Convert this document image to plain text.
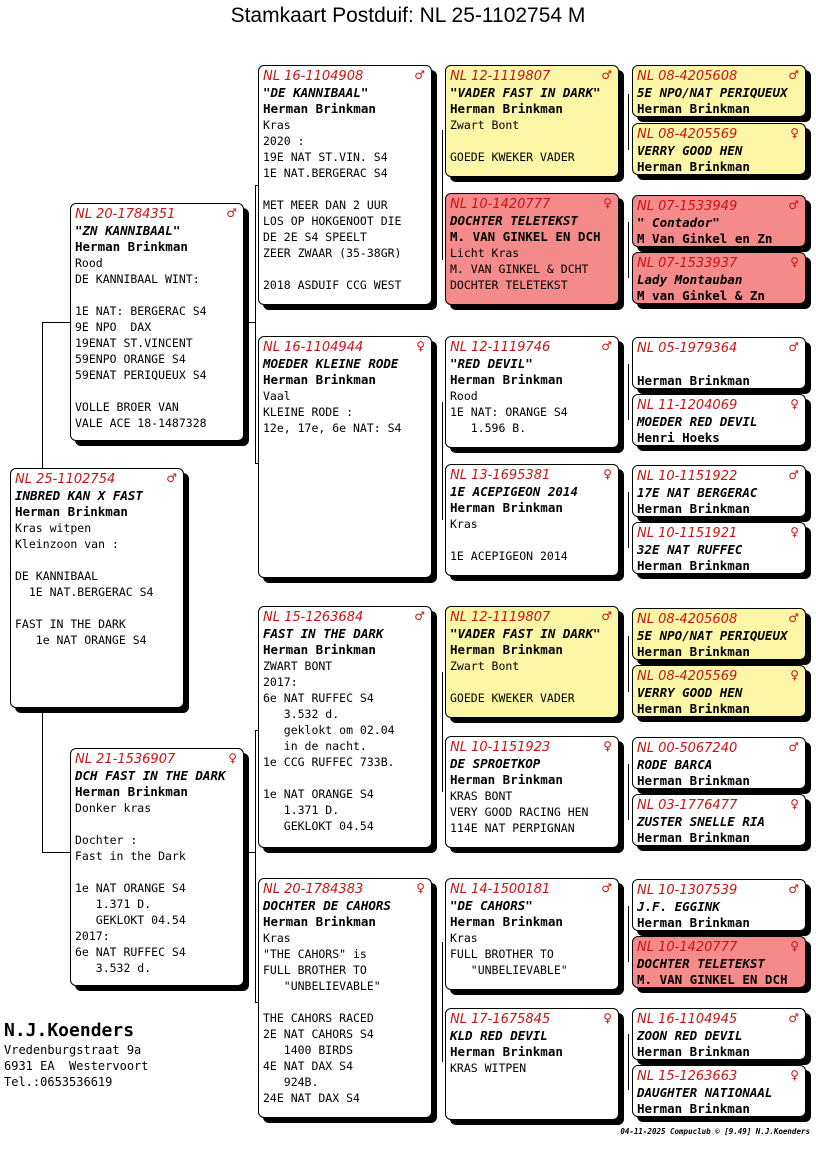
Stamkaart Postduif: NL 25-1102754 M
NL 25-1102754	♂
INBRED KAN X FAST
Herman Brinkman
Kras witpen
Kleinzoon van :

DE KANNIBAAL
1E NAT.BERGERAC S4

FAST IN THE DARK
1e NAT ORANGE S4
NL 20-1784351	♂
"ZN KANNIBAAL"
Herman Brinkman
Rood
DE KANNIBAAL WINT:

1E NAT: BERGERAC S4
9E NPO  DAX
19ENAT ST.VINCENT
59ENPO ORANGE S4
59ENAT PERIQUEUX S4

VOLLE BROER VAN
VALE ACE 18-1487328
NL 21-1536907	♀
DCH FAST IN THE DARK
Herman Brinkman
Donker kras

Dochter :
Fast in the Dark

1e NAT ORANGE S4
1.371 D.
GEKLOKT 04.54
2017:
6e NAT RUFFEC S4
3.532 d.
NL 16-1104908	♂
"DE KANNIBAAL"
Herman Brinkman
Kras
2020 :
19E NAT ST.VIN. S4
1E NAT.BERGERAC S4

MET MEER DAN 2 UUR
LOS OP HOKGENOOT DIE
DE 2E S4 SPEELT
ZEER ZWAAR (35-38GR)

2018 ASDUIF CCG WEST
NL 16-1104944	♀
MOEDER KLEINE RODE
Herman Brinkman
Vaal
KLEINE RODE :
12e, 17e, 6e NAT: S4
NL 15-1263684	♂
FAST IN THE DARK
Herman Brinkman
ZWART BONT
2017:
6e NAT RUFFEC S4
3.532 d.
geklokt om 02.04
in de nacht.
1e CCG RUFFEC 733B.

1e NAT ORANGE S4
1.371 D.
GEKLOKT 04.54
NL 20-1784383	♀
DOCHTER DE CAHORS
Herman Brinkman
Kras
"THE CAHORS" is
FULL BROTHER TO
"UNBELIEVABLE"

THE CAHORS RACED
2E NAT CAHORS S4
1400 BIRDS
4E NAT DAX S4
924B.
24E NAT DAX S4
NL 12-1119807	♂
"VADER FAST IN DARK"
Herman Brinkman
Zwart Bont

GOEDE KWEKER VADER
NL 10-1420777	♀
DOCHTER TELETEKST
M. VAN GINKEL EN DCH
Licht Kras
M. VAN GINKEL & DCHT
DOCHTER TELETEKST
NL 12-1119746	♂
"RED DEVIL"
Herman Brinkman
Rood
1E NAT: ORANGE S4
1.596 B.
NL 13-1695381	♀
1E ACEPIGEON 2014
Herman Brinkman
Kras

1E ACEPIGEON 2014
NL 12-1119807	♂
"VADER FAST IN DARK"
Herman Brinkman
Zwart Bont

GOEDE KWEKER VADER
NL 10-1151923	♀
DE SPROETKOP
Herman Brinkman
KRAS BONT
VERY GOOD RACING HEN
114E NAT PERPIGNAN
NL 14-1500181	♂
"DE CAHORS"
Herman Brinkman
Kras
FULL BROTHER TO
"UNBELIEVABLE"
NL 17-1675845	♀
KLD RED DEVIL
Herman Brinkman
KRAS WITPEN
NL 08-4205608	♂
5E NPO/NAT PERIQUEUX
Herman Brinkman
NL 08-4205569	♀
VERRY GOOD HEN
Herman Brinkman
NL 07-1533949	♂
" Contador"
M Van Ginkel en Zn
NL 07-1533937	♀
Lady Montauban
M van Ginkel & Zn
NL 05-1979364	♂
Herman Brinkman
NL 11-1204069	♀
MOEDER RED DEVIL
Henri Hoeks
NL 10-1151922	♂
17E NAT BERGERAC
Herman Brinkman
NL 10-1151921	♀
32E NAT RUFFEC
Herman Brinkman
NL 08-4205608	♂
5E NPO/NAT PERIQUEUX
Herman Brinkman
NL 08-4205569	♀
VERRY GOOD HEN
Herman Brinkman
NL 00-5067240	♂
RODE BARCA
Herman Brinkman
NL 03-1776477	♀
ZUSTER SNELLE RIA
Herman Brinkman
NL 10-1307539	♂
J.F. EGGINK
Herman Brinkman
NL 10-1420777	♀
DOCHTER TELETEKST
M. VAN GINKEL EN DCH
NL 16-1104945	♂
ZOON RED DEVIL
Herman Brinkman
NL 15-1263663	♀
DAUGHTER NATIONAAL
Herman Brinkman
N.J.Koenders
Vredenburgstraat 9a
6931 EA  Westervoort
Tel.:0653536619
04-11-2025 Compuclub © [9.49] N.J.Koenders
